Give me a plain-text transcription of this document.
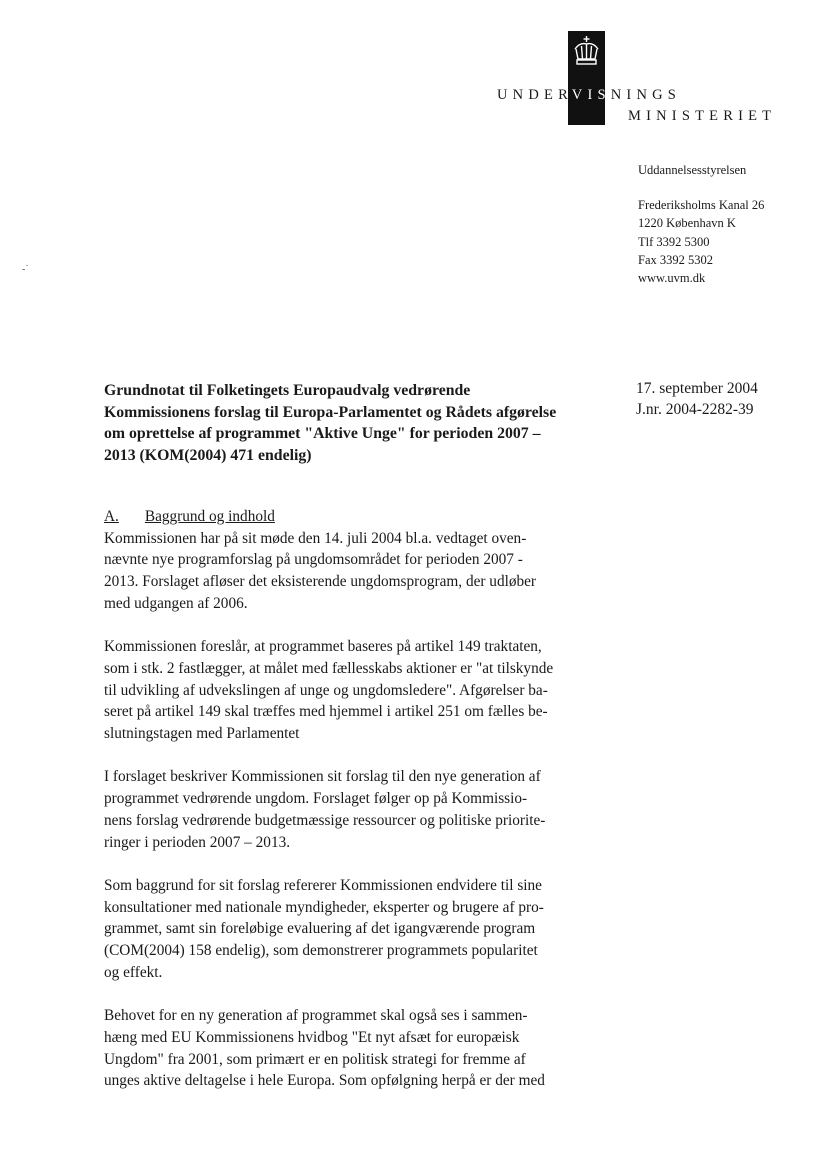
UNDERVISNINGS
MINISTERIET
Uddannelsesstyrelsen
Frederiksholms Kanal 26
1220 København K
Tlf 3392 5300
Fax 3392 5302
www.uvm.dk
‐˙
17. september 2004
J.nr. 2004-2282-39
Grundnotat til Folketingets Europaudvalg vedrørende Kommissionens forslag til Europa-Parlamentet og Rådets afgørelse om oprettelse af programmet "Aktive Unge" for perioden 2007 – 2013 (KOM(2004) 471 endelig)
A. Baggrund og indhold

Kommissionen har på sit møde den 14. juli 2004 bl.a. vedtaget oven-
nævnte nye programforslag på ungdomsområdet for perioden 2007 -
2013. Forslaget afløser det eksisterende ungdomsprogram, der udløber
med udgangen af 2006.

Kommissionen foreslår, at programmet baseres på artikel 149 traktaten,
som i stk. 2 fastlægger, at målet med fællesskabs aktioner er "at tilskynde
til udvikling af udvekslingen af unge og ungdomsledere". Afgørelser ba-
seret på artikel 149 skal træffes med hjemmel i artikel 251 om fælles be-
slutningstagen med Parlamentet

I forslaget beskriver Kommissionen sit forslag til den nye generation af
programmet vedrørende ungdom. Forslaget følger op på Kommissio-
nens forslag vedrørende budgetmæssige ressourcer og politiske priorite-
ringer i perioden 2007 – 2013.

Som baggrund for sit forslag refererer Kommissionen endvidere til sine
konsultationer med nationale myndigheder, eksperter og brugere af pro-
grammet, samt sin foreløbige evaluering af det igangværende program
(COM(2004) 158 endelig), som demonstrerer programmets popularitet
og effekt.

Behovet for en ny generation af programmet skal også ses i sammen-
hæng med EU Kommissionens hvidbog "Et nyt afsæt for europæisk
Ungdom" fra 2001, som primært er en politisk strategi for fremme af
unges aktive deltagelse i hele Europa. Som opfølgning herpå er der med
